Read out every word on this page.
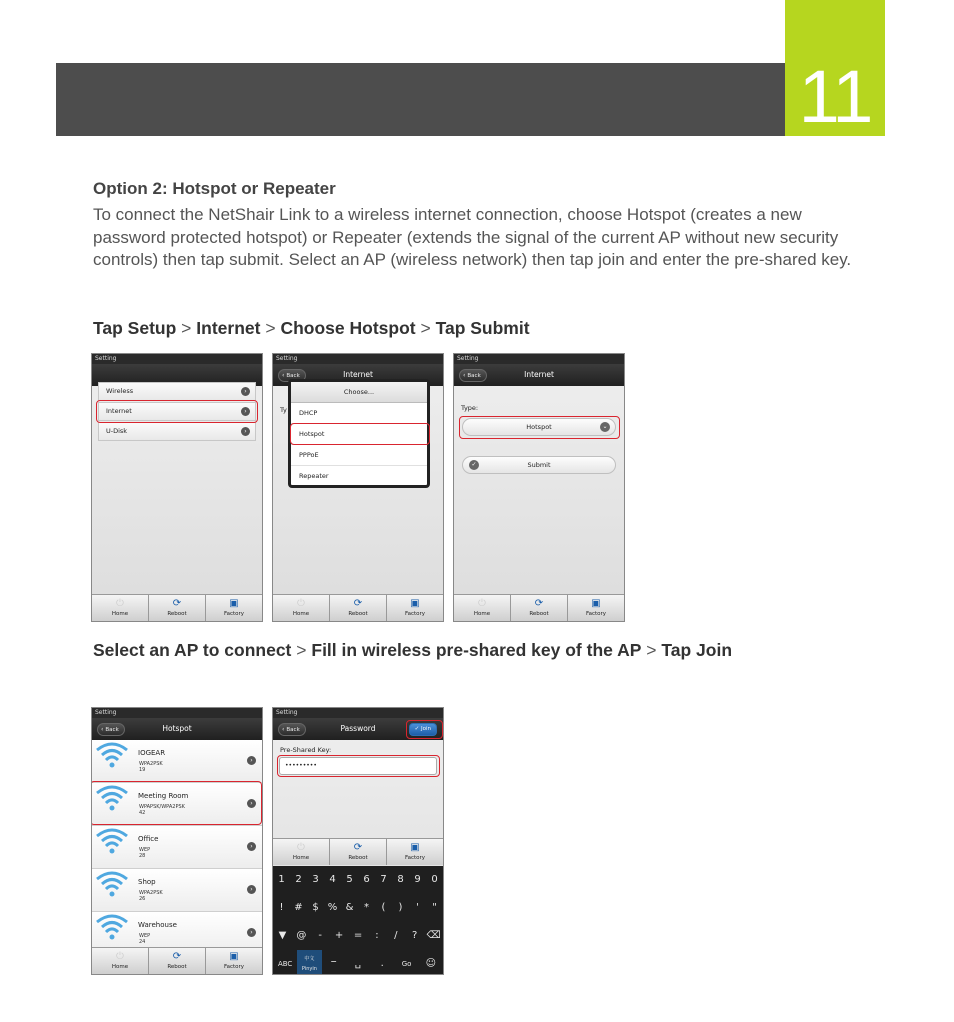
11
Option 2: Hotspot or Repeater
To connect the NetShair Link to a wireless internet connection, choose Hotspot (creates a new password protected hotspot) or Repeater (extends the signal of the current AP without new security controls) then tap submit. Select an AP (wireless network) then tap join and enter the pre-shared key.
Tap Setup > Internet > Choose Hotspot > Tap Submit
Setting
Wireless	›
Internet	›
U-Disk	›
⏻
Home
⟳
Reboot
▣
Factory
Setting
‹ Back	Internet
Ty
Choose...
DHCP
Hotspot
PPPoE
Repeater
⏻
Home
⟳
Reboot
▣
Factory
Setting
‹ Back	Internet
Type:
Hotspot	⌄
✓	Submit
⏻
Home
⟳
Reboot
▣
Factory
Select an AP to connect > Fill in wireless pre-shared key of the AP > Tap Join
Setting
‹ Back	Hotspot
IOGEAR
WPA2PSK
19
›
Meeting Room
WPAPSK/WPA2PSK
42
›
Office
WEP
28
›
Shop
WPA2PSK
26
›
Warehouse
WEP
24
›
⏻
Home
⟳
Reboot
▣
Factory
Setting
‹ Back	Password	✓ Join
Pre-Shared Key:
•••••••••
⏻
Home
⟳
Reboot
▣
Factory
1	2	3	4	5	6	7	8	9	0
!	# $ % &	*	(	)	'	"
▼	@	-	+	=	:	/	? ⌫
ABC
中文 Pinyin	ⲻ	␣	.	Go	☺
